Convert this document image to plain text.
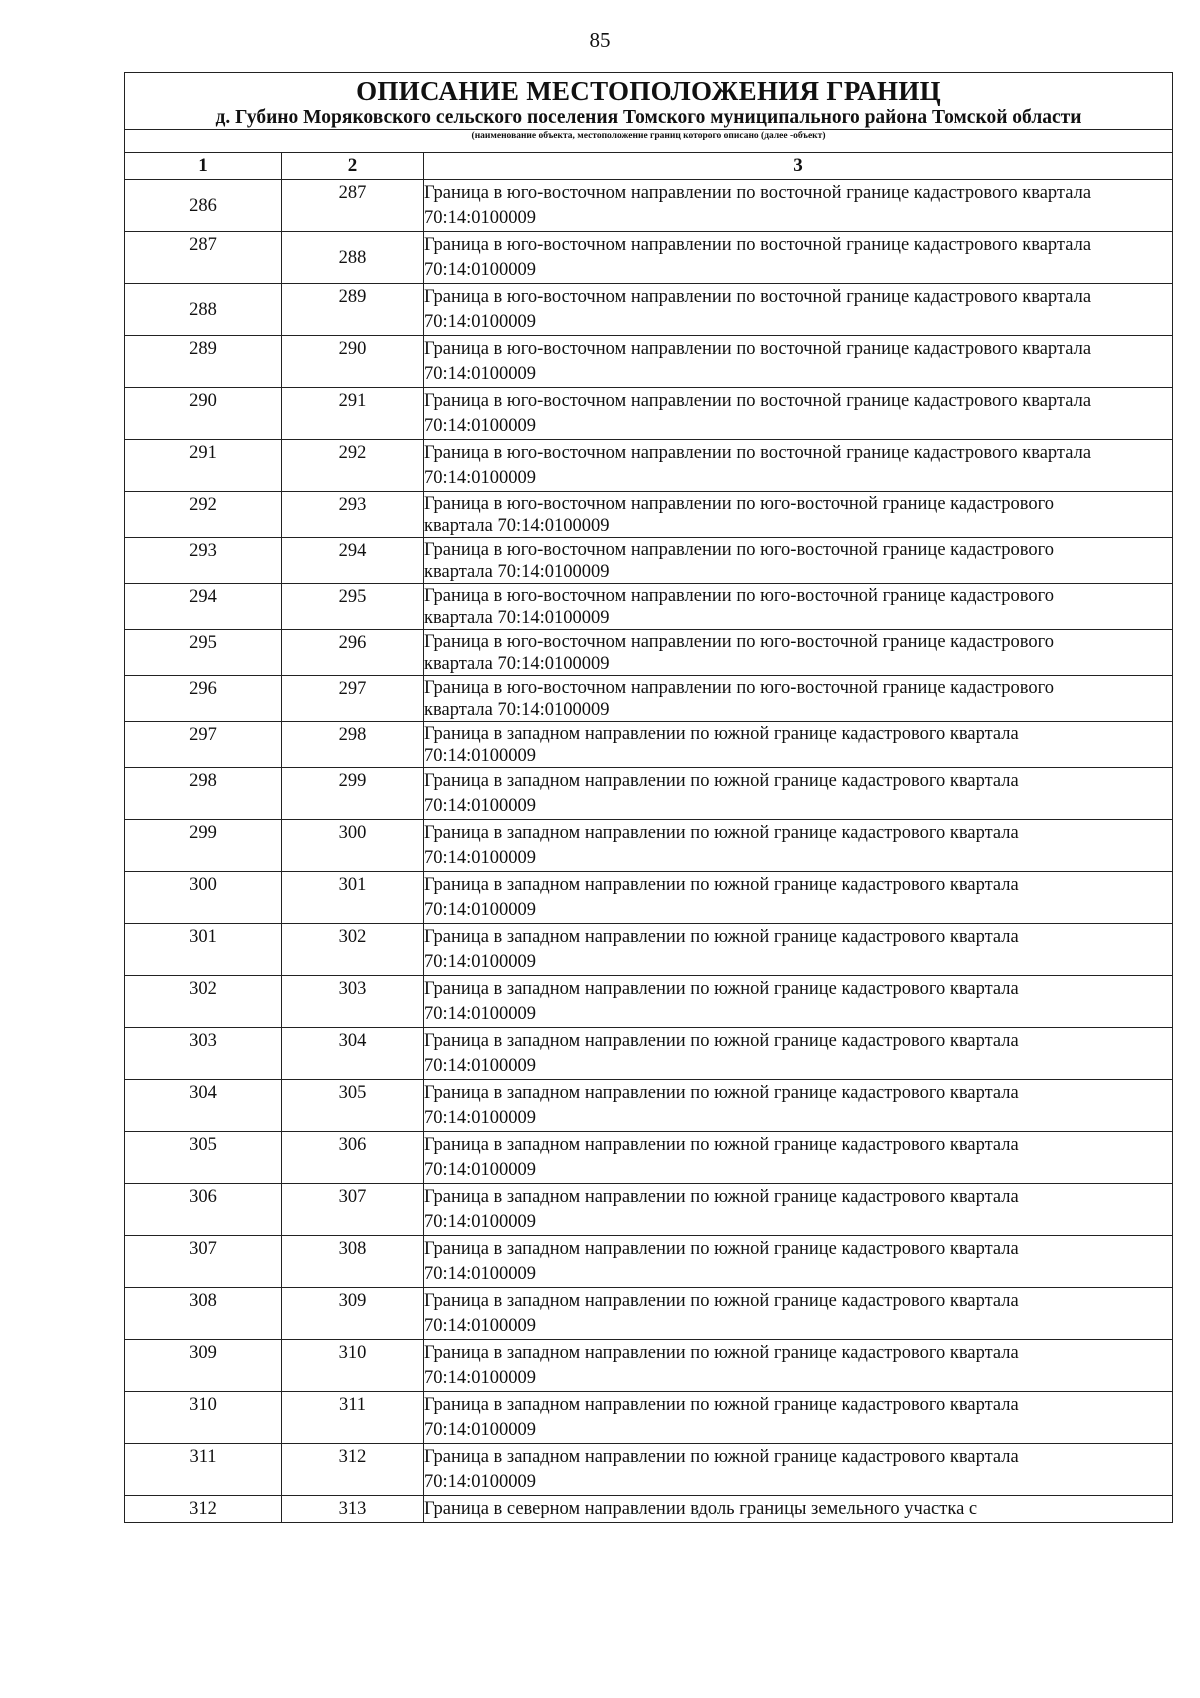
85
ОПИСАНИЕ МЕСТОПОЛОЖЕНИЯ ГРАНИЦ
д. Губино Моряковского сельского поселения Томского муниципального района Томской области		

(наименование объекта, местоположение границ которого описано (далее -объект)		

1	2	3

286	287	Граница в юго-восточном направлении по восточной границе кадастрового квартала
70:14:0100009

287	288	Граница в юго-восточном направлении по восточной границе кадастрового квартала
70:14:0100009

288	289	Граница в юго-восточном направлении по восточной границе кадастрового квартала
70:14:0100009

289	290	Граница в юго-восточном направлении по восточной границе кадастрового квартала
70:14:0100009

290	291	Граница в юго-восточном направлении по восточной границе кадастрового квартала
70:14:0100009

291	292	Граница в юго-восточном направлении по восточной границе кадастрового квартала
70:14:0100009

292	293	Граница в юго-восточном направлении по юго-восточной границе кадастрового
квартала 70:14:0100009

293	294	Граница в юго-восточном направлении по юго-восточной границе кадастрового
квартала 70:14:0100009

294	295	Граница в юго-восточном направлении по юго-восточной границе кадастрового
квартала 70:14:0100009

295	296	Граница в юго-восточном направлении по юго-восточной границе кадастрового
квартала 70:14:0100009

296	297	Граница в юго-восточном направлении по юго-восточной границе кадастрового
квартала 70:14:0100009

297	298	Граница в западном направлении по южной границе кадастрового квартала
70:14:0100009

298	299	Граница в западном направлении по южной границе кадастрового квартала
70:14:0100009

299	300	Граница в западном направлении по южной границе кадастрового квартала
70:14:0100009

300	301	Граница в западном направлении по южной границе кадастрового квартала
70:14:0100009

301	302	Граница в западном направлении по южной границе кадастрового квартала
70:14:0100009

302	303	Граница в западном направлении по южной границе кадастрового квартала
70:14:0100009

303	304	Граница в западном направлении по южной границе кадастрового квартала
70:14:0100009

304	305	Граница в западном направлении по южной границе кадастрового квартала
70:14:0100009

305	306	Граница в западном направлении по южной границе кадастрового квартала
70:14:0100009

306	307	Граница в западном направлении по южной границе кадастрового квартала
70:14:0100009

307	308	Граница в западном направлении по южной границе кадастрового квартала
70:14:0100009

308	309	Граница в западном направлении по южной границе кадастрового квартала
70:14:0100009

309	310	Граница в западном направлении по южной границе кадастрового квартала
70:14:0100009

310	311	Граница в западном направлении по южной границе кадастрового квартала
70:14:0100009

311	312	Граница в западном направлении по южной границе кадастрового квартала
70:14:0100009

312	313	Граница в северном направлении вдоль границы земельного участка с
